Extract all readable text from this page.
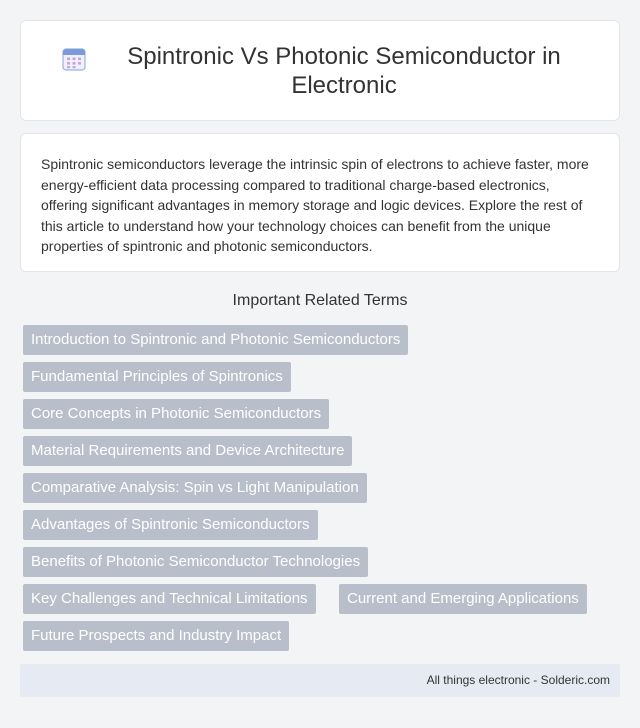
Spintronic Vs Photonic Semiconductor in Electronic

Spintronic semiconductors leverage the intrinsic spin of electrons to achieve faster, more energy-efficient data processing compared to traditional charge-based electronics, offering significant advantages in memory storage and logic devices. Explore the rest of this article to understand how your technology choices can benefit from the unique properties of spintronic and photonic semiconductors.

Important Related Terms
Introduction to Spintronic and Photonic Semiconductors
Fundamental Principles of Spintronics
Core Concepts in Photonic Semiconductors
Material Requirements and Device Architecture
Comparative Analysis: Spin vs Light Manipulation
Advantages of Spintronic Semiconductors
Benefits of Photonic Semiconductor Technologies
Key Challenges and Technical Limitations	Current and Emerging Applications
Future Prospects and Industry Impact
All things electronic - Solderic.com
